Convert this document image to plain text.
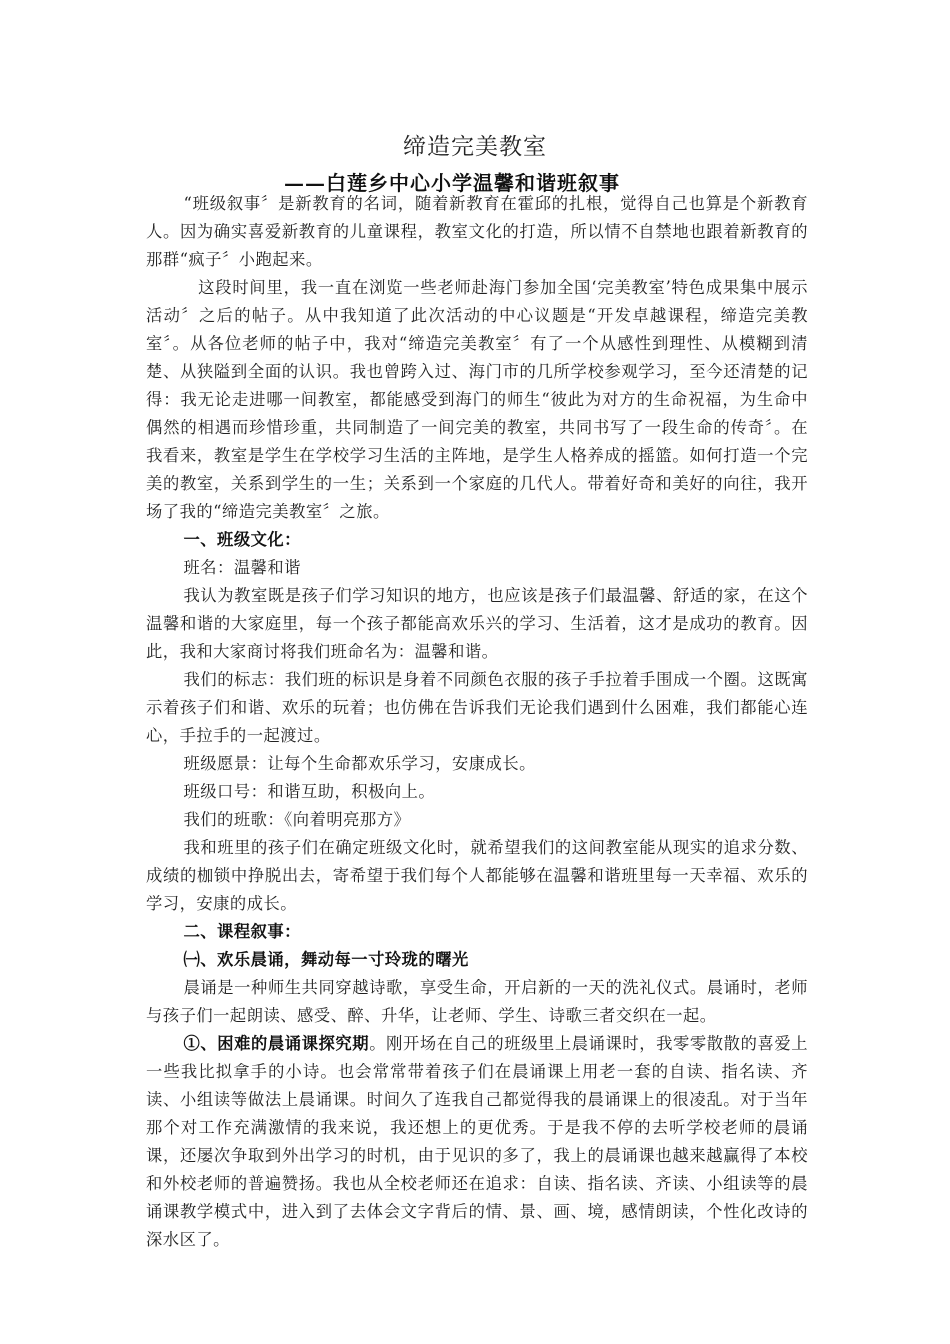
缔造完美教室
——白莲乡中心小学温馨和谐班叙事

“班级叙事〞是新教育的名词，随着新教育在霍邱的扎根，觉得自己也算是个新教育人。因为确实喜爱新教育的儿童课程，教室文化的打造，所以情不自禁地也跟着新教育的那群“疯子〞小跑起来。

这段时间里，我一直在浏览一些老师赴海门参加全国‘完美教室’特色成果集中展示活动〞之后的帖子。从中我知道了此次活动的中心议题是“开发卓越课程，缔造完美教室〞。从各位老师的帖子中，我对“缔造完美教室〞有了一个从感性到理性、从模糊到清楚、从狭隘到全面的认识。我也曾跨入过、海门市的几所学校参观学习，至今还清楚的记得：我无论走进哪一间教室，都能感受到海门的师生“彼此为对方的生命祝福，为生命中偶然的相遇而珍惜珍重，共同制造了一间完美的教室，共同书写了一段生命的传奇〞。在我看来，教室是学生在学校学习生活的主阵地，是学生人格养成的摇篮。如何打造一个完美的教室，关系到学生的一生；关系到一个家庭的几代人。带着好奇和美好的向往，我开场了我的“缔造完美教室〞之旅。

一、班级文化：

班名：温馨和谐

我认为教室既是孩子们学习知识的地方，也应该是孩子们最温馨、舒适的家，在这个温馨和谐的大家庭里，每一个孩子都能高欢乐兴的学习、生活着，这才是成功的教育。因此，我和大家商讨将我们班命名为：温馨和谐。

我们的标志：我们班的标识是身着不同颜色衣服的孩子手拉着手围成一个圈。这既寓示着孩子们和谐、欢乐的玩着；也仿佛在告诉我们无论我们遇到什么困难，我们都能心连心，手拉手的一起渡过。

班级愿景：让每个生命都欢乐学习，安康成长。

班级口号：和谐互助，积极向上。

我们的班歌：《向着明亮那方》

我和班里的孩子们在确定班级文化时，就希望我们的这间教室能从现实的追求分数、成绩的枷锁中挣脱出去，寄希望于我们每个人都能够在温馨和谐班里每一天幸福、欢乐的学习，安康的成长。

二、课程叙事：

㈠、欢乐晨诵，舞动每一寸玲珑的曙光

晨诵是一种师生共同穿越诗歌，享受生命，开启新的一天的洗礼仪式。晨诵时，老师与孩子们一起朗读、感受、醉、升华，让老师、学生、诗歌三者交织在一起。

①、困难的晨诵课探究期。刚开场在自己的班级里上晨诵课时，我零零散散的喜爱上一些我比拟拿手的小诗。也会常常带着孩子们在晨诵课上用老一套的自读、指名读、齐读、小组读等做法上晨诵课。时间久了连我自己都觉得我的晨诵课上的很凌乱。对于当年那个对工作充满激情的我来说，我还想上的更优秀。于是我不停的去听学校老师的晨诵课，还屡次争取到外出学习的时机，由于见识的多了，我上的晨诵课也越来越赢得了本校和外校老师的普遍赞扬。我也从全校老师还在追求：自读、指名读、齐读、小组读等的晨诵课教学模式中，进入到了去体会文字背后的情、景、画、境，感情朗读，个性化改诗的深水区了。
